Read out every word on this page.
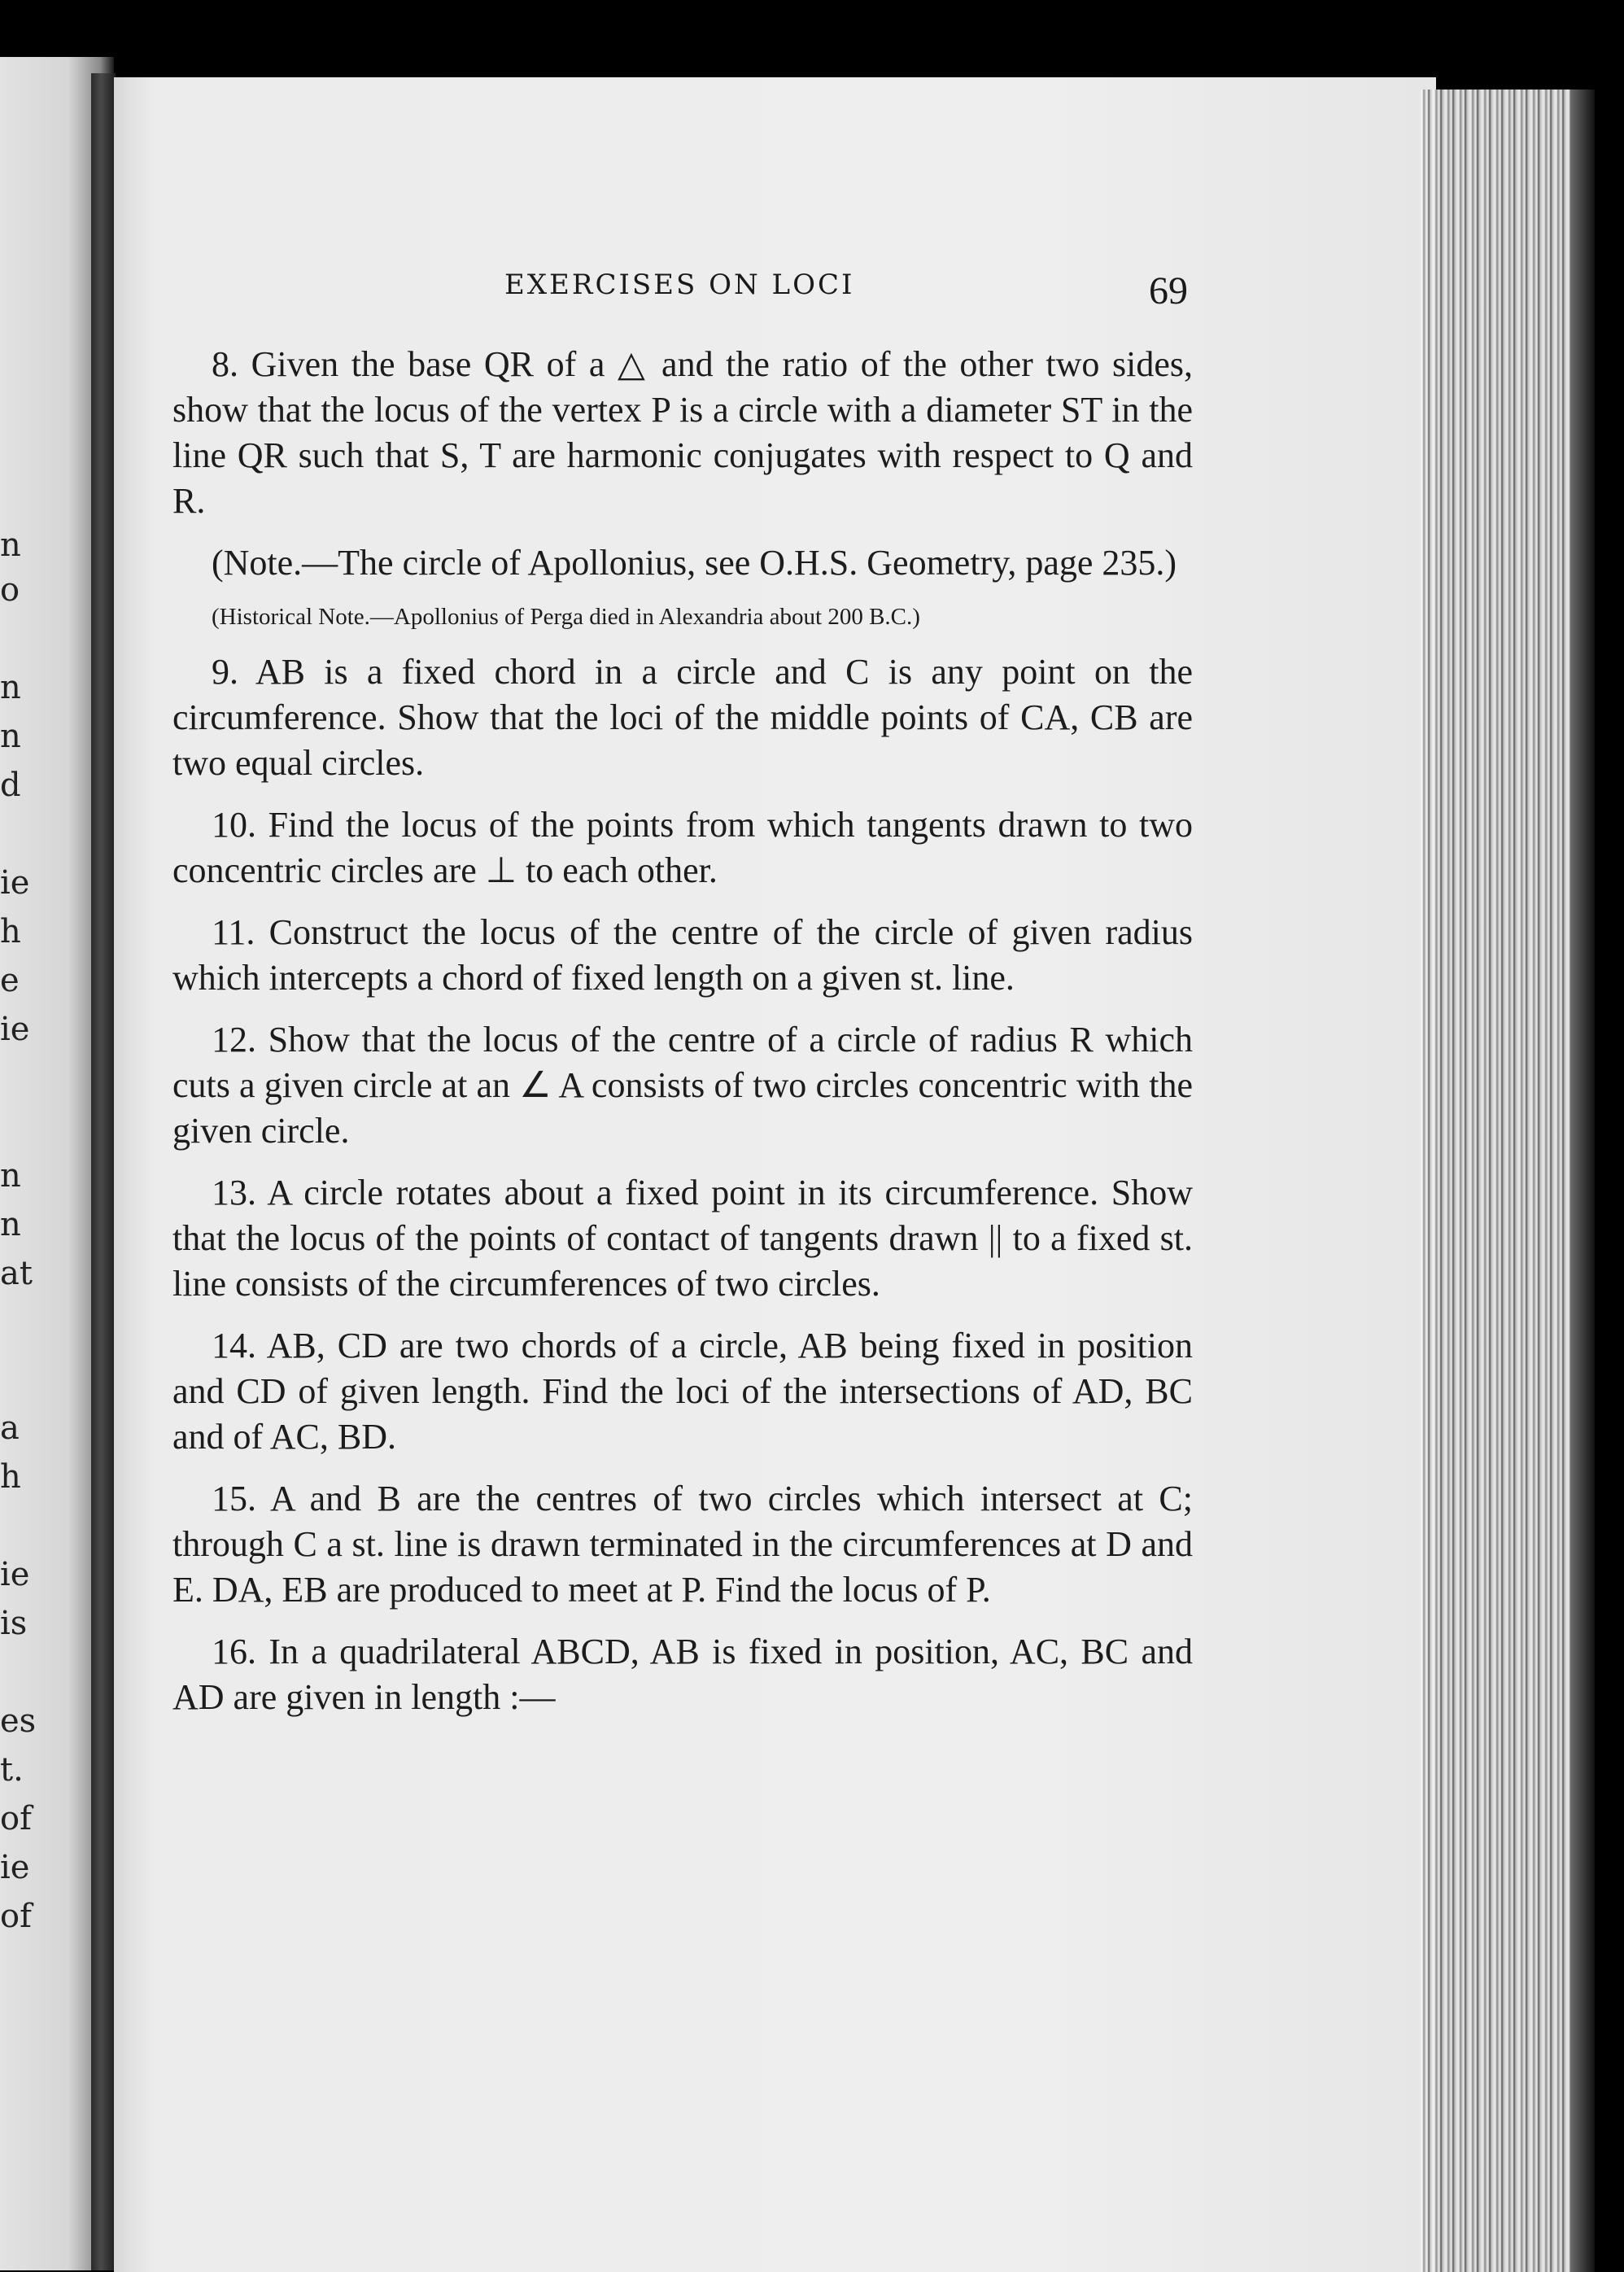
n
o
n
n
d
ie
h
e
ie
n
n
at
a
h
ie
is
es
t.
of
ie
of
EXERCISES ON LOCI	69

8. Given the base QR of a △ and the ratio of the other two sides, show that the locus of the vertex P is a circle with a diameter ST in the line QR such that S, T are harmonic conjugates with respect to Q and R.

(Note.—The circle of Apollonius, see O.H.S. Geometry, page 235.)

(Historical Note.—Apollonius of Perga died in Alexandria about 200 B.C.)

9. AB is a fixed chord in a circle and C is any point on the circumference. Show that the loci of the middle points of CA, CB are two equal circles.

10. Find the locus of the points from which tangents drawn to two concentric circles are ⊥ to each other.

11. Construct the locus of the centre of the circle of given radius which intercepts a chord of fixed length on a given st. line.

12. Show that the locus of the centre of a circle of radius R which cuts a given circle at an ∠ A consists of two circles concentric with the given circle.

13. A circle rotates about a fixed point in its circumference. Show that the locus of the points of contact of tangents drawn || to a fixed st. line consists of the circumferences of two circles.

14. AB, CD are two chords of a circle, AB being fixed in position and CD of given length. Find the loci of the intersections of AD, BC and of AC, BD.

15. A and B are the centres of two circles which intersect at C; through C a st. line is drawn terminated in the circumferences at D and E. DA, EB are produced to meet at P. Find the locus of P.

16. In a quadrilateral ABCD, AB is fixed in position, AC, BC and AD are given in length :—
